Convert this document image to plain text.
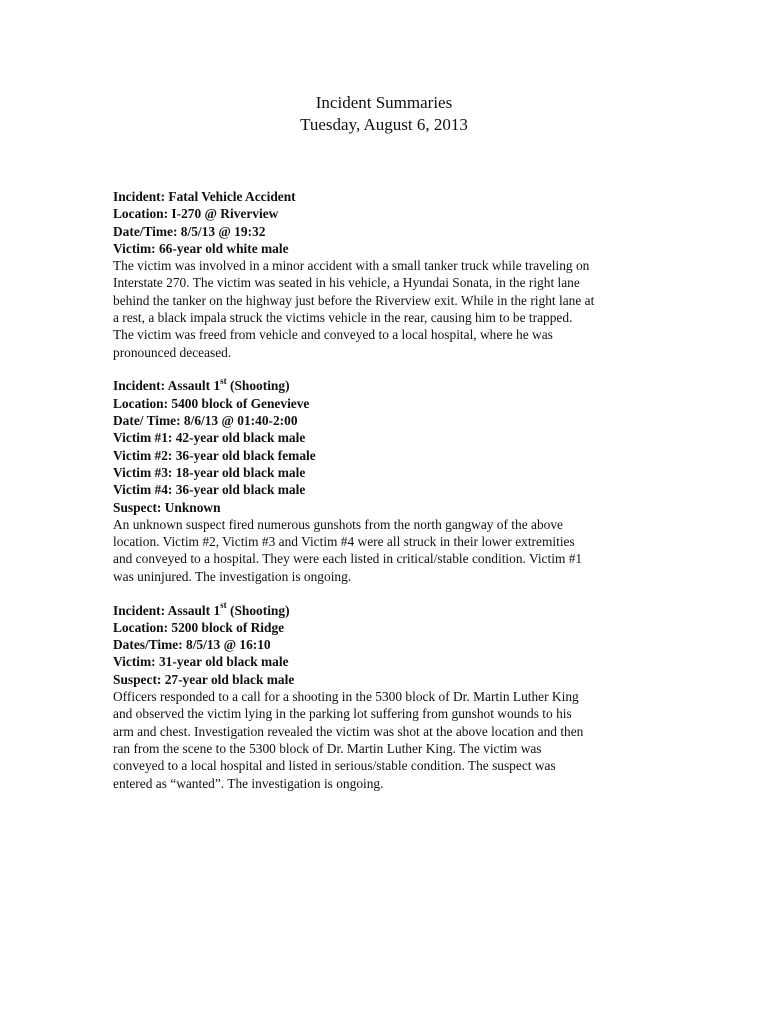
Incident Summaries
Tuesday, August 6, 2013
Incident: Fatal Vehicle Accident
Location: I-270 @ Riverview
Date/Time: 8/5/13 @ 19:32
Victim: 66-year old white male
The victim was involved in a minor accident with a small tanker truck while traveling on
Interstate 270. The victim was seated in his vehicle, a Hyundai Sonata, in the right lane
behind the tanker on the highway just before the Riverview exit. While in the right lane at
a rest, a black impala struck the victims vehicle in the rear, causing him to be trapped.
The victim was freed from vehicle and conveyed to a local hospital, where he was
pronounced deceased.
Incident: Assault 1st (Shooting)
Location: 5400 block of Genevieve
Date/ Time: 8/6/13 @ 01:40-2:00
Victim #1: 42-year old black male
Victim #2: 36-year old black female
Victim #3: 18-year old black male
Victim #4: 36-year old black male
Suspect: Unknown
An unknown suspect fired numerous gunshots from the north gangway of the above
location. Victim #2, Victim #3 and Victim #4 were all struck in their lower extremities
and conveyed to a hospital. They were each listed in critical/stable condition. Victim #1
was uninjured. The investigation is ongoing.
Incident: Assault 1st (Shooting)
Location: 5200 block of Ridge
Dates/Time: 8/5/13 @ 16:10
Victim: 31-year old black male
Suspect: 27-year old black male
Officers responded to a call for a shooting in the 5300 block of Dr. Martin Luther King
and observed the victim lying in the parking lot suffering from gunshot wounds to his
arm and chest. Investigation revealed the victim was shot at the above location and then
ran from the scene to the 5300 block of Dr. Martin Luther King. The victim was
conveyed to a local hospital and listed in serious/stable condition. The suspect was
entered as “wanted”. The investigation is ongoing.
